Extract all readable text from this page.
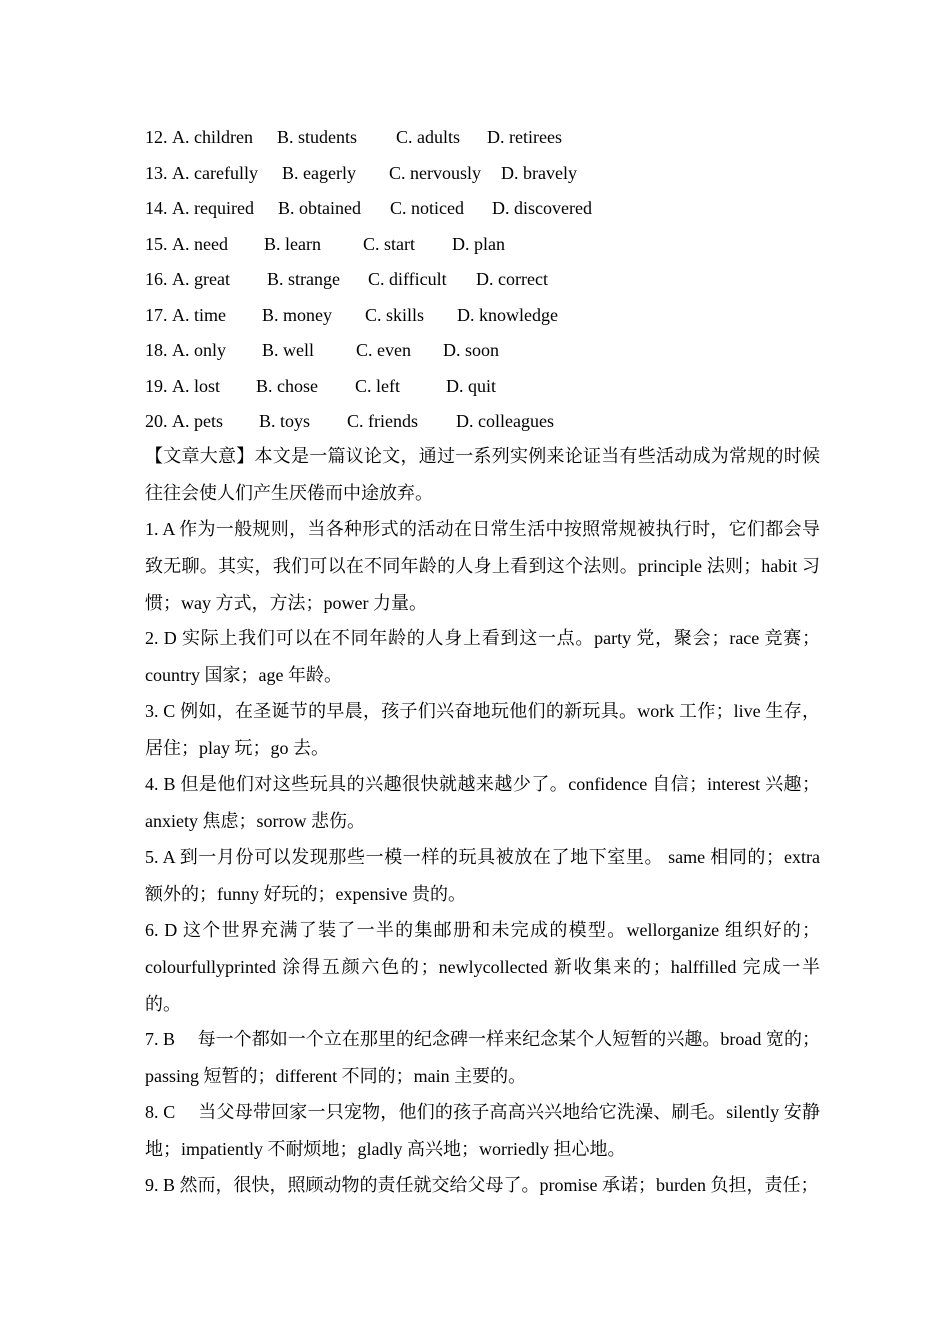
12. A. children B. students C. adults D. retirees
13. A. carefully B. eagerly C. nervously D. bravely
14. A. required B. obtained C. noticed D. discovered
15. A. need B. learn C. start D. plan
16. A. great B. strange C. difficult D. correct
17. A. time B. money C. skills D. knowledge
18. A. only B. well C. even D. soon
19. A. lost B. chose C. left	D. quit
20. A. pets B. toys C. friends D. colleagues
【文章大意】本文是一篇议论文，通过一系列实例来论证当有些活动成为常规的时候往往会使人们产生厌倦而中途放弃。
1. A 作为一般规则，当各种形式的活动在日常生活中按照常规被执行时，它们都会导致无聊。其实，我们可以在不同年龄的人身上看到这个法则。principle 法则；habit 习惯；way 方式，方法；power 力量。
2. D 实际上我们可以在不同年龄的人身上看到这一点。party 党，聚会；race 竞赛；country 国家；age 年龄。
3. C 例如，在圣诞节的早晨，孩子们兴奋地玩他们的新玩具。work 工作；live 生存，居住；play 玩；go 去。
4. B 但是他们对这些玩具的兴趣很快就越来越少了。confidence 自信；interest 兴趣；anxiety 焦虑；sorrow 悲伤。
5. A 到一月份可以发现那些一模一样的玩具被放在了地下室里。 same 相同的；extra 额外的；funny 好玩的；expensive 贵的。
6. D 这个世界充满了装了一半的集邮册和未完成的模型。wellorganize 组织好的；colourfullyprinted 涂得五颜六色的；newlycollected 新收集来的；halffilled 完成一半的。
7. B　 每一个都如一个立在那里的纪念碑一样来纪念某个人短暂的兴趣。broad 宽的；passing 短暂的；different 不同的；main 主要的。
8. C　 当父母带回家一只宠物，他们的孩子高高兴兴地给它洗澡、刷毛。silently 安静地；impatiently 不耐烦地；gladly 高兴地；worriedly 担心地。
9. B 然而，很快，照顾动物的责任就交给父母了。promise 承诺；burden 负担，责任；
